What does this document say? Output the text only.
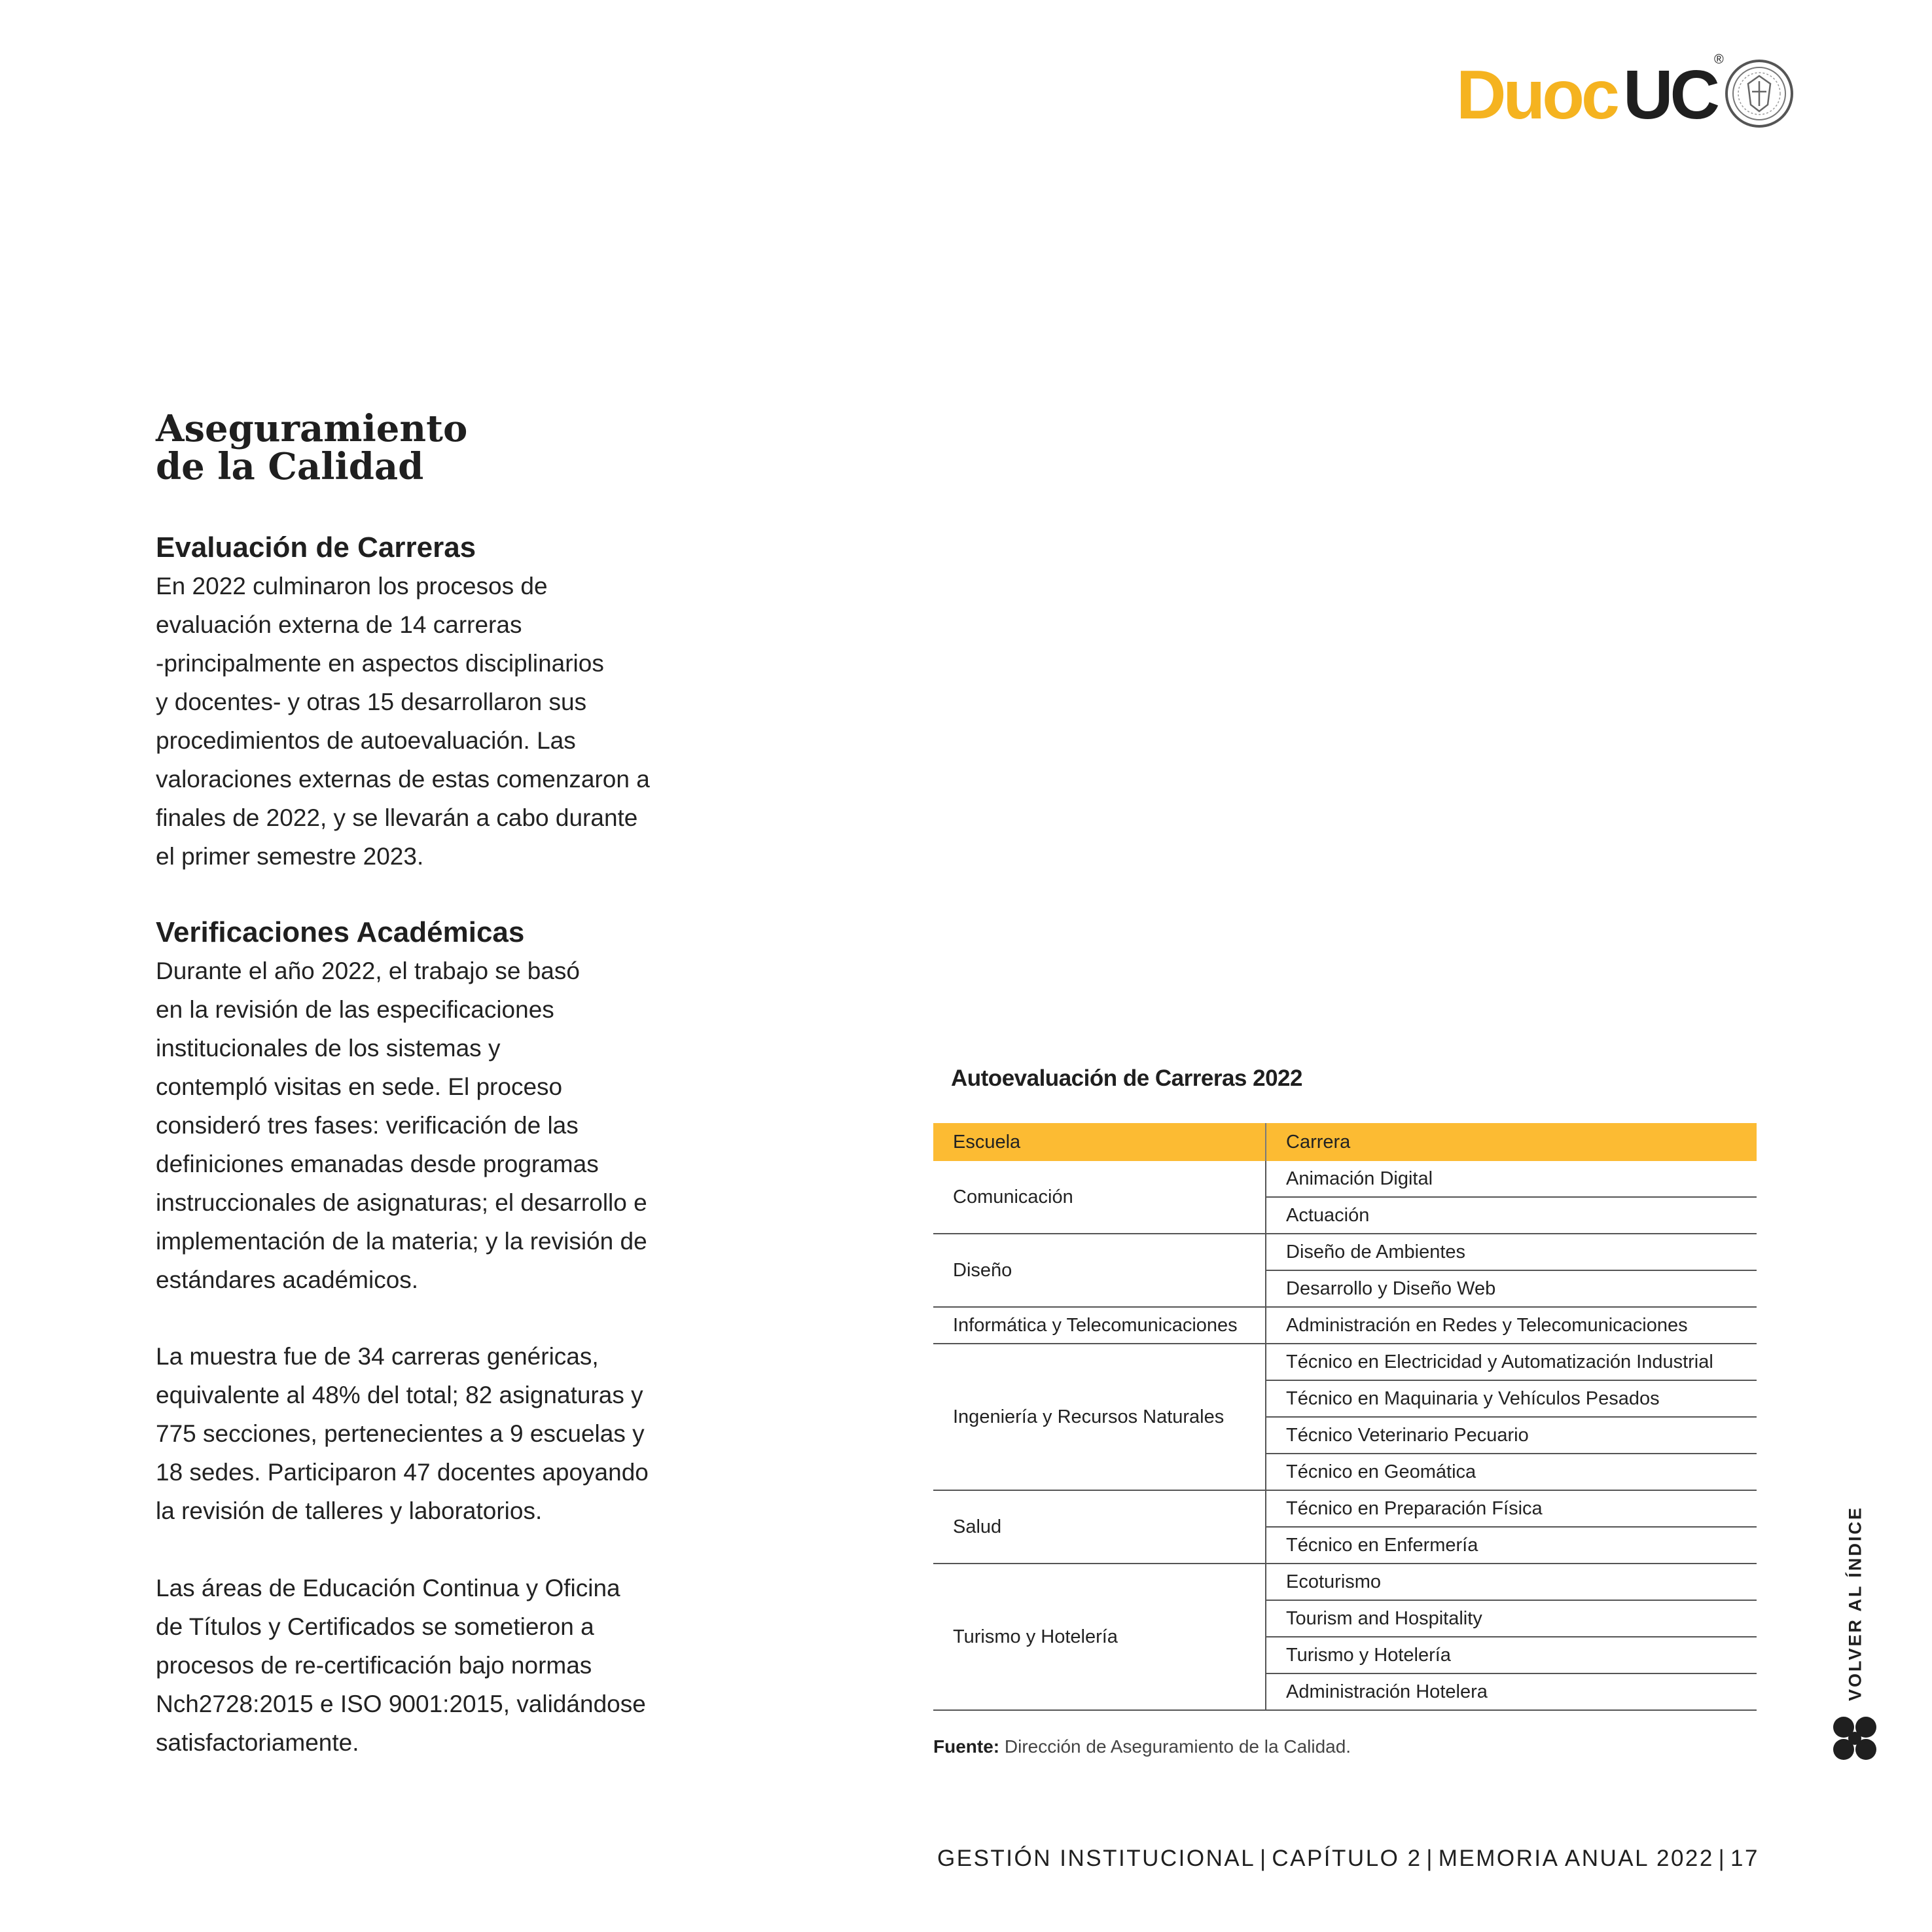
Duoc UC
®
Aseguramiento
de la Calidad
Evaluación de Carreras

En 2022 culminaron los procesos de
evaluación externa de 14 carreras
-principalmente en aspectos disciplinarios
y docentes- y otras 15 desarrollaron sus
procedimientos de autoevaluación. Las
valoraciones externas de estas comenzaron a
finales de 2022, y se llevarán a cabo durante
el primer semestre 2023.

Verificaciones Académicas

Durante el año 2022, el trabajo se basó
en la revisión de las especificaciones
institucionales de los sistemas y
contempló visitas en sede. El proceso
consideró tres fases: verificación de las
definiciones emanadas desde programas
instruccionales de asignaturas; el desarrollo e
implementación de la materia; y la revisión de
estándares académicos.

La muestra fue de 34 carreras genéricas,
equivalente al 48% del total; 82 asignaturas y
775 secciones, pertenecientes a 9 escuelas y
18 sedes. Participaron 47 docentes apoyando
la revisión de talleres y laboratorios.

Las áreas de Educación Continua y Oficina
de Títulos y Certificados se sometieron a
procesos de re-certificación bajo normas
Nch2728:2015 e ISO 9001:2015, validándose
satisfactoriamente.

Autoevaluación de Carreras 2022
Escuela	Carrera
Comunicación	Animación Digital
	Actuación
Diseño	Diseño de Ambientes
	Desarrollo y Diseño Web
Informática y Telecomunicaciones	Administración en Redes y Telecomunicaciones
Ingeniería y Recursos Naturales	Técnico en Electricidad y Automatización Industrial
	Técnico en Maquinaria y Vehículos Pesados
	Técnico Veterinario Pecuario
	Técnico en Geomática
Salud	Técnico en Preparación Física
	Técnico en Enfermería
Turismo y Hotelería	Ecoturismo
	Tourism and Hospitality
	Turismo y Hotelería
	Administración Hotelera
Fuente: Dirección de Aseguramiento de la Calidad.
VOLVER AL ÍNDICE
GESTIÓN INSTITUCIONAL | CAPÍTULO 2 | MEMORIA ANUAL 2022 | 17
